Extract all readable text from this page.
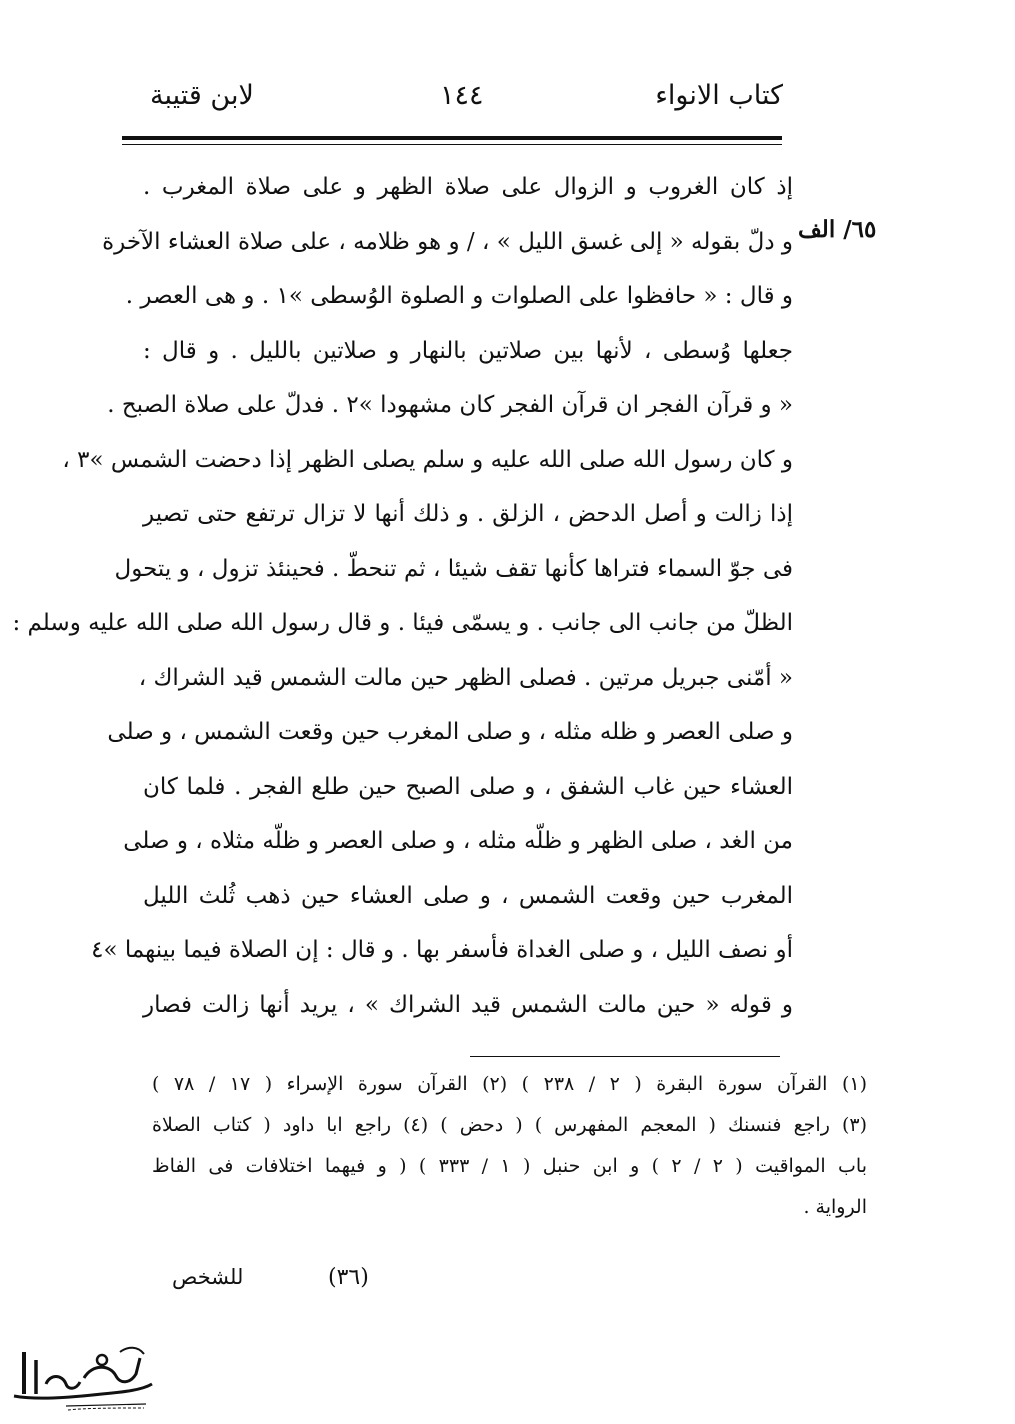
كتاب الانواء
١٤٤
لابن قتيبة
٦٥/ الف
إذ كان الغروب و الزوال على صلاة الظهر و على صلاة المغرب .
و دلّ بقوله « إلى غسق الليل » ، / و هو ظلامه ، على صلاة العشاء الآخرة
و قال : « حافظوا على الصلوات و الصلوة الوُسطى »١ . و هى العصر .
جعلها وُسطى ، لأنها بين صلاتين بالنهار و صلاتين بالليل . و قال :
« و قرآن الفجر ان قرآن الفجر كان مشهودا »٢ . فدلّ على صلاة الصبح .
و كان رسول الله صلى الله عليه و سلم يصلى الظهر إذا دحضت الشمس »٣ ،
إذا زالت و أصل الدحض ، الزلق . و ذلك أنها لا تزال ترتفع حتى تصير
فى جوّ السماء فتراها كأنها تقف شيئا ، ثم تنحطّ . فحينئذ تزول ، و يتحول
الظلّ من جانب الى جانب . و يسمّى فيئا . و قال رسول الله صلى الله عليه وسلم :
« أمّنى جبريل مرتين . فصلى الظهر حين مالت الشمس قيد الشراك ،
و صلى العصر و ظله مثله ، و صلى المغرب حين وقعت الشمس ، و صلى
العشاء حين غاب الشفق ، و صلى الصبح حين طلع الفجر . فلما كان
من الغد ، صلى الظهر و ظلّه مثله ، و صلى العصر و ظلّه مثلاه ، و صلى
المغرب حين وقعت الشمس ، و صلى العشاء حين ذهب ثُلث الليل
أو نصف الليل ، و صلى الغداة فأسفر بها . و قال : إن الصلاة فيما بينهما »٤
و قوله « حين مالت الشمس قيد الشراك » ، يريد أنها زالت فصار
(١) القرآن سورة البقرة ( ٢ / ٢٣٨ ) (٢) القرآن سورة الإسراء ( ١٧ / ٧٨ )
(٣) راجع فنسنك ( المعجم المفهرس ) ( دحض ) (٤) راجع ابا داود ( كتاب الصلاة
باب المواقيت ( ٢ / ٢ ) و ابن حنبل ( ١ / ٣٣٣ ) ( و فيهما اختلافات فى الفاظ
الرواية .
(٣٦)
للشخص
